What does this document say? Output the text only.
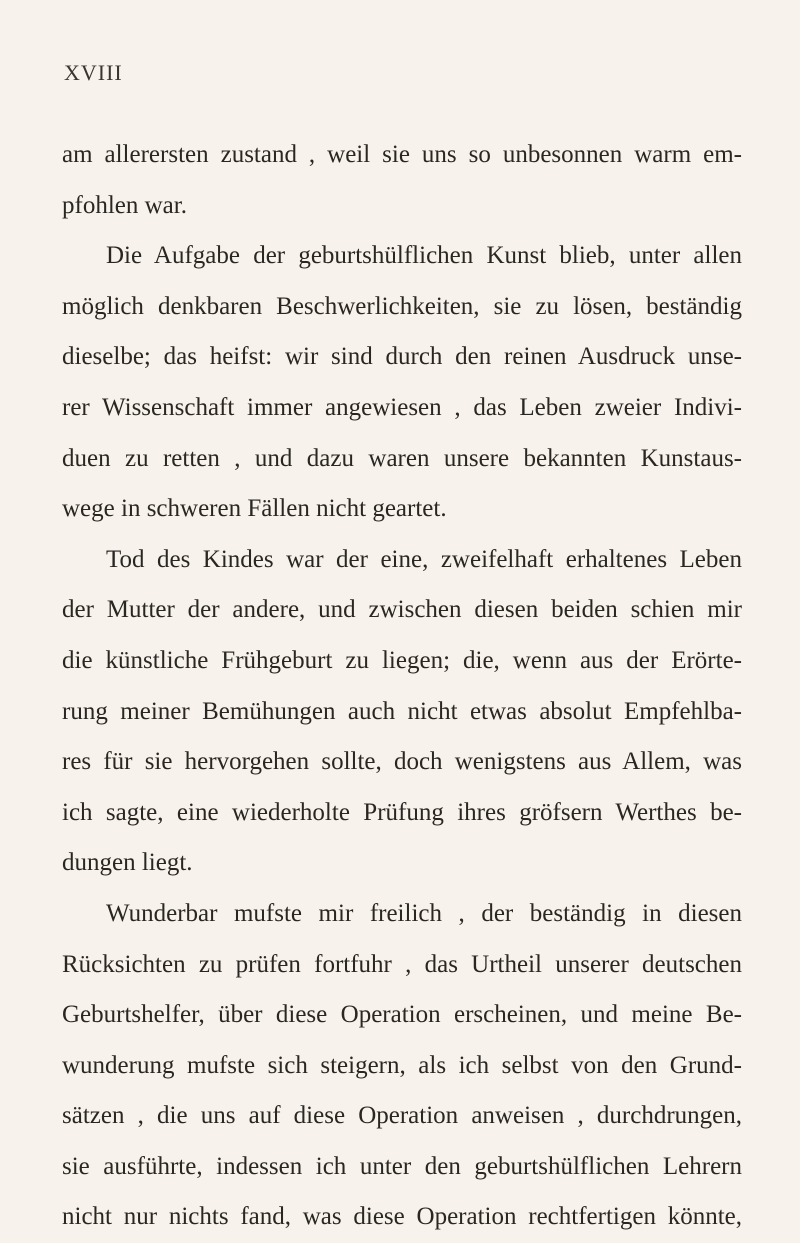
XVIII
am allerersten zustand , weil sie uns so unbesonnen warm em-
pfohlen war.
Die Aufgabe der geburtshülflichen Kunst blieb, unter allen
möglich denkbaren Beschwerlichkeiten, sie zu lösen, beständig
dieselbe; das heifst: wir sind durch den reinen Ausdruck unse-
rer Wissenschaft immer angewiesen , das Leben zweier Indivi-
duen zu retten , und dazu waren unsere bekannten Kunstaus-
wege in schweren Fällen nicht geartet.
Tod des Kindes war der eine, zweifelhaft erhaltenes Leben
der Mutter der andere, und zwischen diesen beiden schien mir
die künstliche Frühgeburt zu liegen; die, wenn aus der Erörte-
rung meiner Bemühungen auch nicht etwas absolut Empfehlba-
res für sie hervorgehen sollte, doch wenigstens aus Allem, was
ich sagte, eine wiederholte Prüfung ihres gröfsern Werthes be-
dungen liegt.
Wunderbar mufste mir freilich , der beständig in diesen
Rücksichten zu prüfen fortfuhr , das Urtheil unserer deutschen
Geburtshelfer, über diese Operation erscheinen, und meine Be-
wunderung mufste sich steigern, als ich selbst von den Grund-
sätzen , die uns auf diese Operation anweisen , durchdrungen,
sie ausführte, indessen ich unter den geburtshülflichen Lehrern
nicht nur nichts fand, was diese Operation rechtfertigen könnte,
